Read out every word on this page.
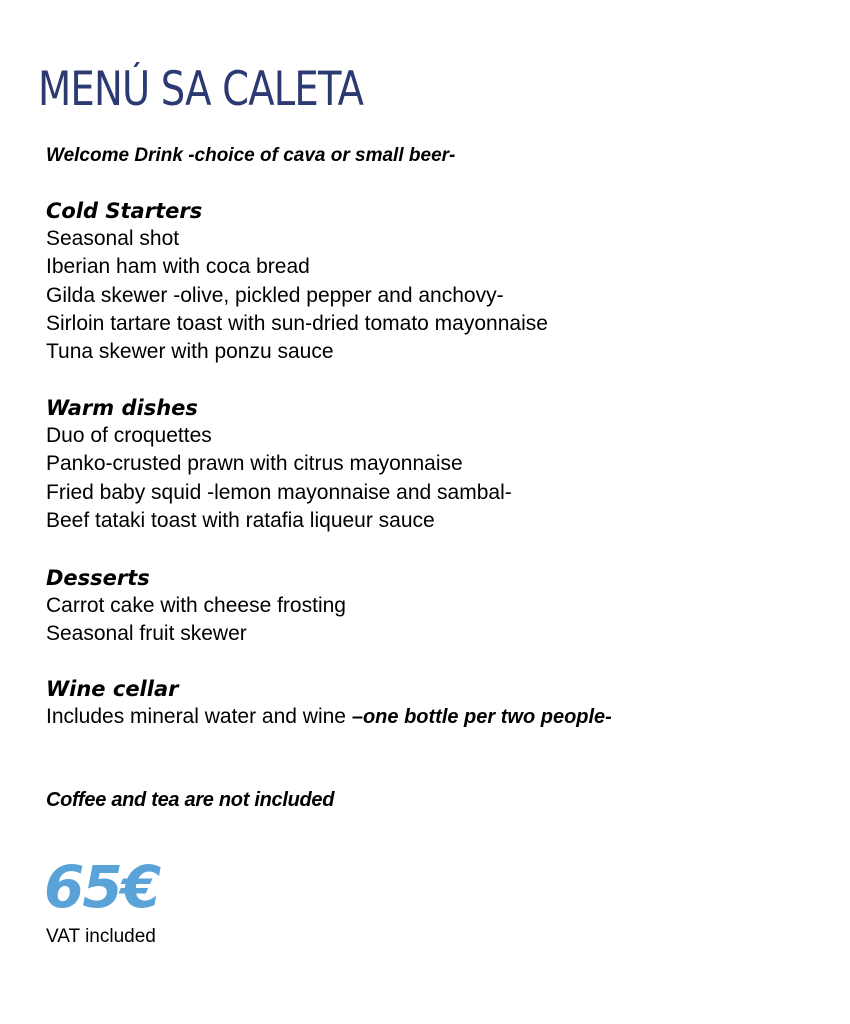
MENÚ SA CALETA
Welcome Drink -choice of cava or small beer-
Cold Starters
Seasonal shot
Iberian ham with coca bread
Gilda skewer -olive, pickled pepper and anchovy-
Sirloin tartare toast with sun-dried tomato mayonnaise
Tuna skewer with ponzu sauce
Warm dishes
Duo of croquettes
Panko-crusted prawn with citrus mayonnaise
Fried baby squid -lemon mayonnaise and sambal-
Beef tataki toast with ratafia liqueur sauce
Desserts
Carrot cake with cheese frosting
Seasonal fruit skewer
Wine cellar
Includes mineral water and wine –one bottle per two people-
Coffee and tea are not included
65€
VAT included
